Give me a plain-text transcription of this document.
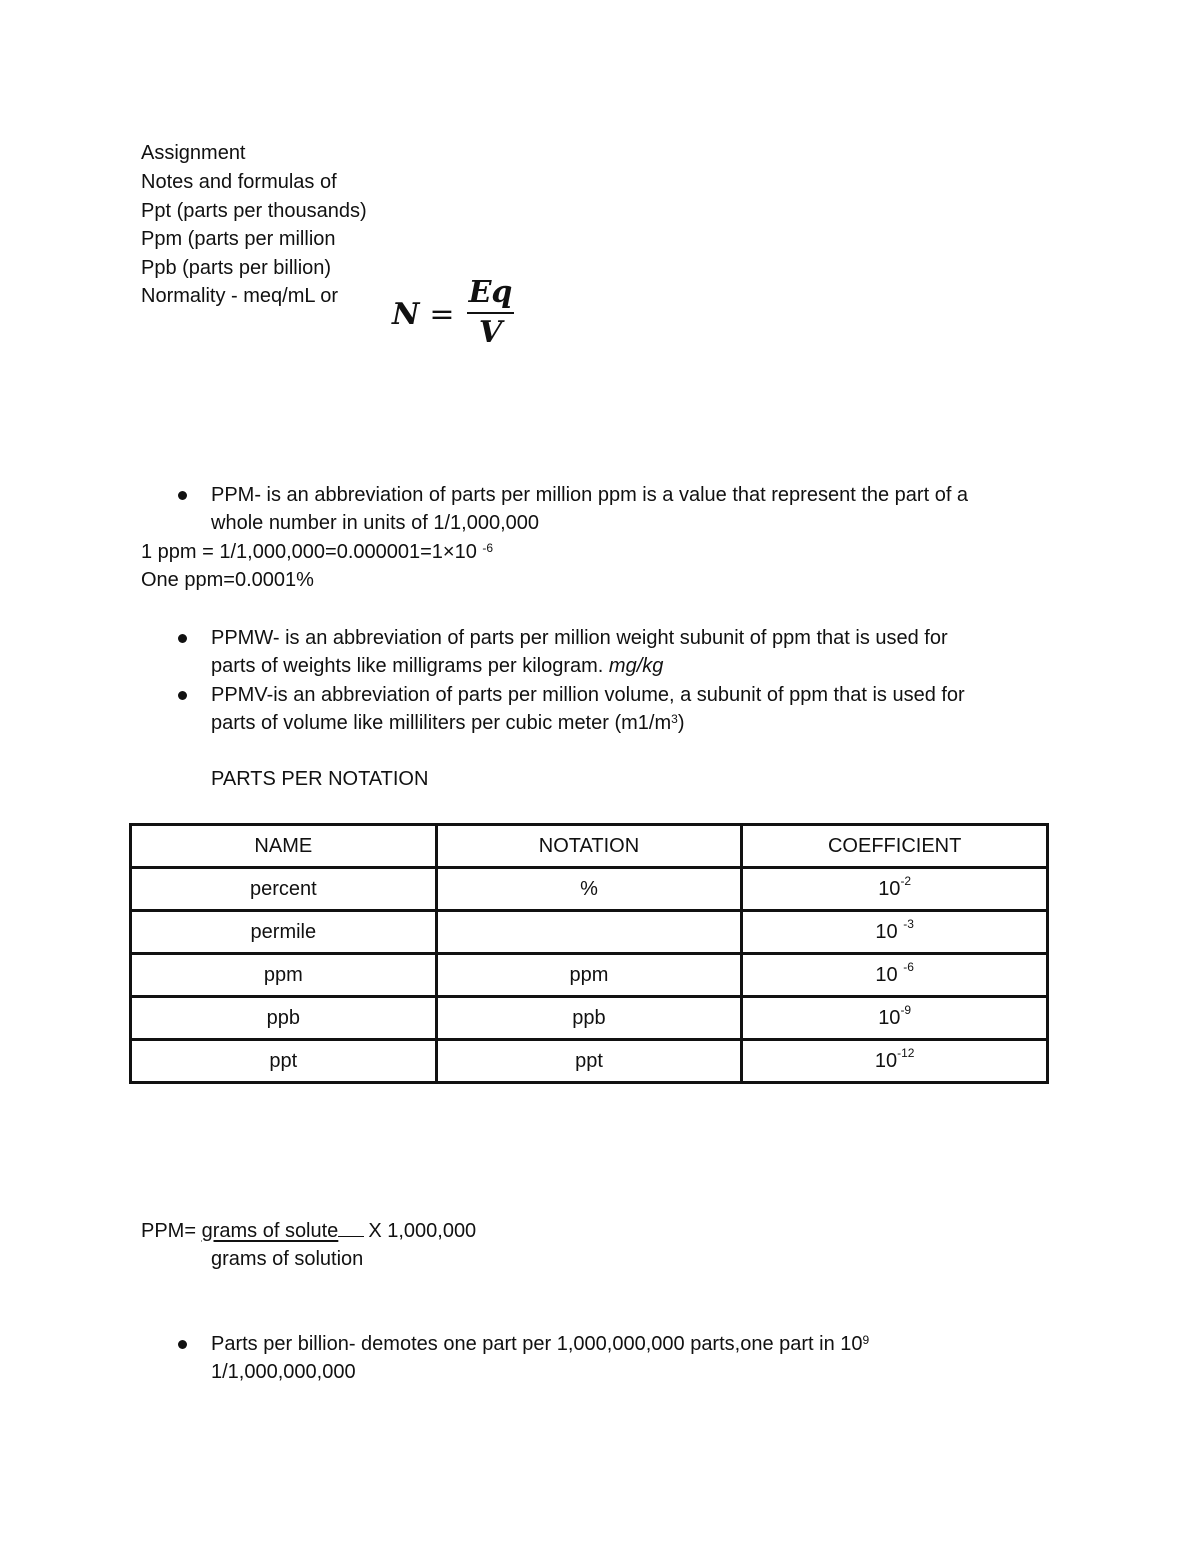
Assignment
Notes and formulas of
Ppt (parts per thousands)
Ppm (parts per million
Ppb (parts per billion)
Normality - meq/mL or
$N = \frac{Eq}{V}$
PPM- is an abbreviation of parts per million ppm is a value that represent the part of a
whole number in units of 1/1,000,000
1 ppm = 1/1,000,000=0.000001=1×10 $^{-6}$
One ppm=0.0001%
PPMW- is an abbreviation of parts per million weight subunit of ppm that is used for
parts of weights like milligrams per kilogram. mg/kg
PPMV-is an abbreviation of parts per million volume, a subunit of ppm that is used for
parts of volume like milliliters per cubic meter $(m1/m^3)$
PARTS PER NOTATION
NAME	NOTATION	COEFFICIENT
percent	%	$10^{-2}$
permile		10 $^{-3}$
ppm	ppm	10 $^{-6}$
ppb	ppb	$10^{-9}$
ppt	ppt	$10^{-12}$
PPM= grams of solute X 1,000,000
grams of solution
Parts per billion- demotes one part per 1,000,000,000 parts,one part in $10^9$
1/1,000,000,000
